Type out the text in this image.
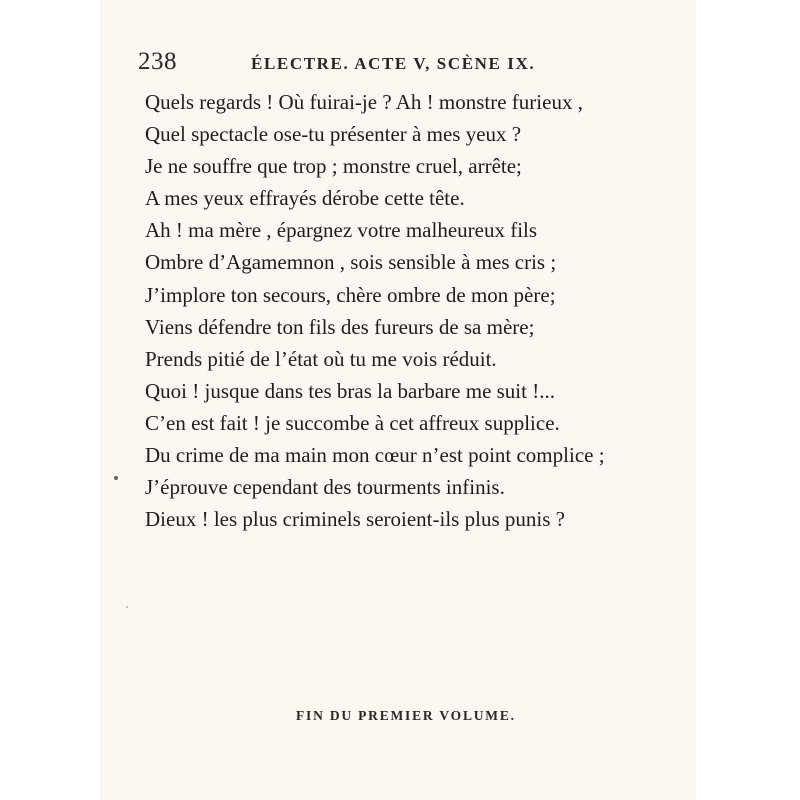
238	ÉLECTRE. ACTE V, SCÈNE IX.
Quels regards ! Où fuirai-je ? Ah ! monstre furieux ,
Quel spectacle ose-tu présenter à mes yeux ?
Je ne souffre que trop ; monstre cruel, arrête;
A mes yeux effrayés dérobe cette tête.
Ah ! ma mère , épargnez votre malheureux fils
Ombre d’Agamemnon , sois sensible à mes cris ;
J’implore ton secours, chère ombre de mon père;
Viens défendre ton fils des fureurs de sa mère;
Prends pitié de l’état où tu me vois réduit.
Quoi ! jusque dans tes bras la barbare me suit !...
C’en est fait ! je succombe à cet affreux supplice.
Du crime de ma main mon cœur n’est point complice ;
J’éprouve cependant des tourments infinis.
Dieux ! les plus criminels seroient-ils plus punis ?
FIN DU PREMIER VOLUME.
